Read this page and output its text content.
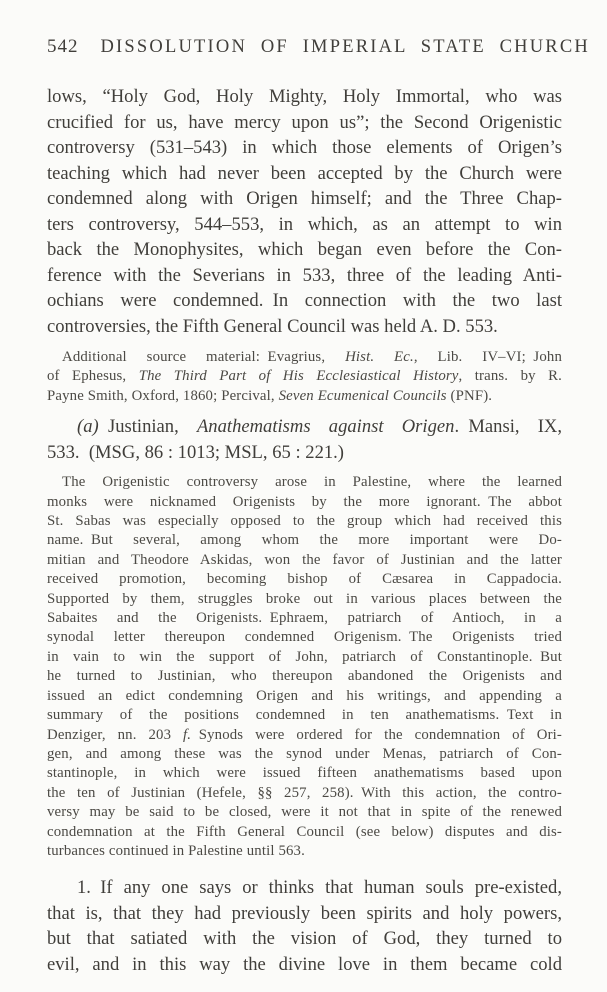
542 DISSOLUTION OF IMPERIAL STATE CHURCH
lows, “Holy God, Holy Mighty, Holy Immortal, who was
crucified for us, have mercy upon us”; the Second Origenistic
controversy (531–543) in which those elements of Origen’s
teaching which had never been accepted by the Church were
condemned along with Origen himself; and the Three Chap-
ters controversy, 544–553, in which, as an attempt to win
back the Monophysites, which began even before the Con-
ference with the Severians in 533, three of the leading Anti-
ochians were condemned. In connection with the two last
controversies, the Fifth General Council was held A. D. 553.
Additional source material: Evagrius, Hist. Ec., Lib. IV–VI; John
of Ephesus, The Third Part of His Ecclesiastical History, trans. by R.
Payne Smith, Oxford, 1860; Percival, Seven Ecumenical Councils (PNF).
(a) Justinian, Anathematisms against Origen. Mansi, IX,
533. (MSG, 86 : 1013; MSL, 65 : 221.)
The Origenistic controversy arose in Palestine, where the learned
monks were nicknamed Origenists by the more ignorant. The abbot
St. Sabas was especially opposed to the group which had received this
name. But several, among whom the more important were Do-
mitian and Theodore Askidas, won the favor of Justinian and the latter
received promotion, becoming bishop of Cæsarea in Cappadocia.
Supported by them, struggles broke out in various places between the
Sabaites and the Origenists. Ephraem, patriarch of Antioch, in a
synodal letter thereupon condemned Origenism. The Origenists tried
in vain to win the support of John, patriarch of Constantinople. But
he turned to Justinian, who thereupon abandoned the Origenists and
issued an edict condemning Origen and his writings, and appending a
summary of the positions condemned in ten anathematisms. Text in
Denziger, nn. 203 f. Synods were ordered for the condemnation of Ori-
gen, and among these was the synod under Menas, patriarch of Con-
stantinople, in which were issued fifteen anathematisms based upon
the ten of Justinian (Hefele, §§ 257, 258). With this action, the contro-
versy may be said to be closed, were it not that in spite of the renewed
condemnation at the Fifth General Council (see below) disputes and dis-
turbances continued in Palestine until 563.
1. If any one says or thinks that human souls pre-existed,
that is, that they had previously been spirits and holy powers,
but that satiated with the vision of God, they turned to
evil, and in this way the divine love in them became cold
